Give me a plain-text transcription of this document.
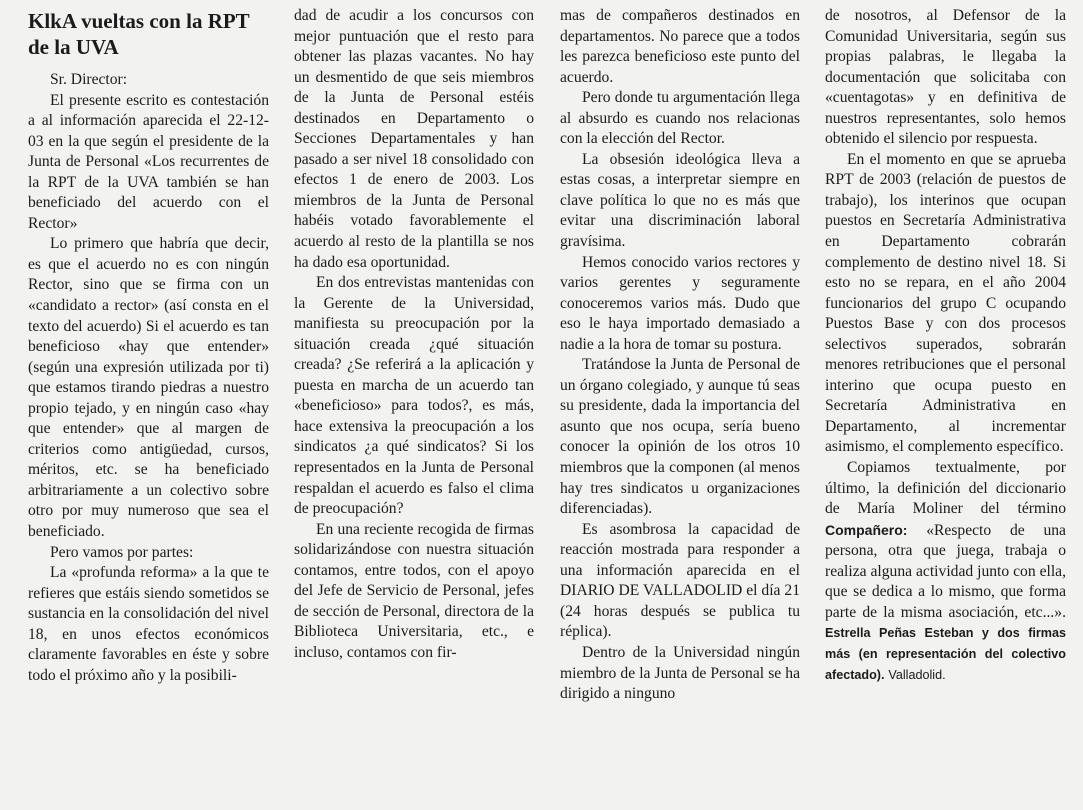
KlkA vueltas con la RPT de la UVA

Sr. Director:

El presente escrito es contestación a al información aparecida el 22-12-03 en la que según el presidente de la Junta de Personal «Los recurrentes de la RPT de la UVA también se han beneficiado del acuerdo con el Rector»

Lo primero que habría que decir, es que el acuerdo no es con ningún Rector, sino que se firma con un «candidato a rector» (así consta en el texto del acuerdo) Si el acuerdo es tan beneficioso «hay que entender» (según una expresión utilizada por ti) que estamos tirando piedras a nuestro propio tejado, y en ningún caso «hay que entender» que al margen de criterios como antigüedad, cursos, méritos, etc. se ha beneficiado arbitrariamente a un colectivo sobre otro por muy numeroso que sea el beneficiado.

Pero vamos por partes:

La «profunda reforma» a la que te refieres que estáis siendo sometidos se sustancia en la consolidación del nivel 18, en unos efectos económicos claramente favorables en éste y sobre todo el próximo año y la posibili-

dad de acudir a los concursos con mejor puntuación que el resto para obtener las plazas vacantes. No hay un desmentido de que seis miembros de la Junta de Personal estéis destinados en Departamento o Secciones Departamentales y han pasado a ser nivel 18 consolidado con efectos 1 de enero de 2003. Los miembros de la Junta de Personal habéis votado favorablemente el acuerdo al resto de la plantilla se nos ha dado esa oportunidad.

En dos entrevistas mantenidas con la Gerente de la Universidad, manifiesta su preocupación por la situación creada ¿qué situación creada? ¿Se referirá a la aplicación y puesta en marcha de un acuerdo tan «beneficioso» para todos?, es más, hace extensiva la preocupación a los sindicatos ¿a qué sindicatos? Si los representados en la Junta de Personal respaldan el acuerdo es falso el clima de preocupación?

En una reciente recogida de firmas solidarizándose con nuestra situación contamos, entre todos, con el apoyo del Jefe de Servicio de Personal, jefes de sección de Personal, directora de la Biblioteca Universitaria, etc., e incluso, contamos con fir-

mas de compañeros destinados en departamentos. No parece que a todos les parezca beneficioso este punto del acuerdo.

Pero donde tu argumentación llega al absurdo es cuando nos relacionas con la elección del Rector.

La obsesión ideológica lleva a estas cosas, a interpretar siempre en clave política lo que no es más que evitar una discriminación laboral gravísima.

Hemos conocido varios rectores y varios gerentes y seguramente conoceremos varios más. Dudo que eso le haya importado demasiado a nadie a la hora de tomar su postura.

Tratándose la Junta de Personal de un órgano colegiado, y aunque tú seas su presidente, dada la importancia del asunto que nos ocupa, sería bueno conocer la opinión de los otros 10 miembros que la componen (al menos hay tres sindicatos u organizaciones diferenciadas).

Es asombrosa la capacidad de reacción mostrada para responder a una información aparecida en el DIARIO DE VALLADOLID el día 21 (24 horas después se publica tu réplica).

Dentro de la Universidad ningún miembro de la Junta de Personal se ha dirigido a ninguno

de nosotros, al Defensor de la Comunidad Universitaria, según sus propias palabras, le llegaba la documentación que solicitaba con «cuentagotas» y en definitiva de nuestros representantes, solo hemos obtenido el silencio por respuesta.

En el momento en que se aprueba RPT de 2003 (relación de puestos de trabajo), los interinos que ocupan puestos en Secretaría Administrativa en Departamento cobrarán complemento de destino nivel 18. Si esto no se repara, en el año 2004 funcionarios del grupo C ocupando Puestos Base y con dos procesos selectivos superados, sobrarán menores retribuciones que el personal interino que ocupa puesto en Secretaría Administrativa en Departamento, al incrementar asimismo, el complemento específico.

Copiamos textualmente, por último, la definición del diccionario de María Moliner del término Compañero: «Respecto de una persona, otra que juega, trabaja o realiza alguna actividad junto con ella, que se dedica a lo mismo, que forma parte de la misma asociación, etc...». Estrella Peñas Esteban y dos firmas más (en representación del colectivo afectado). Valladolid.
